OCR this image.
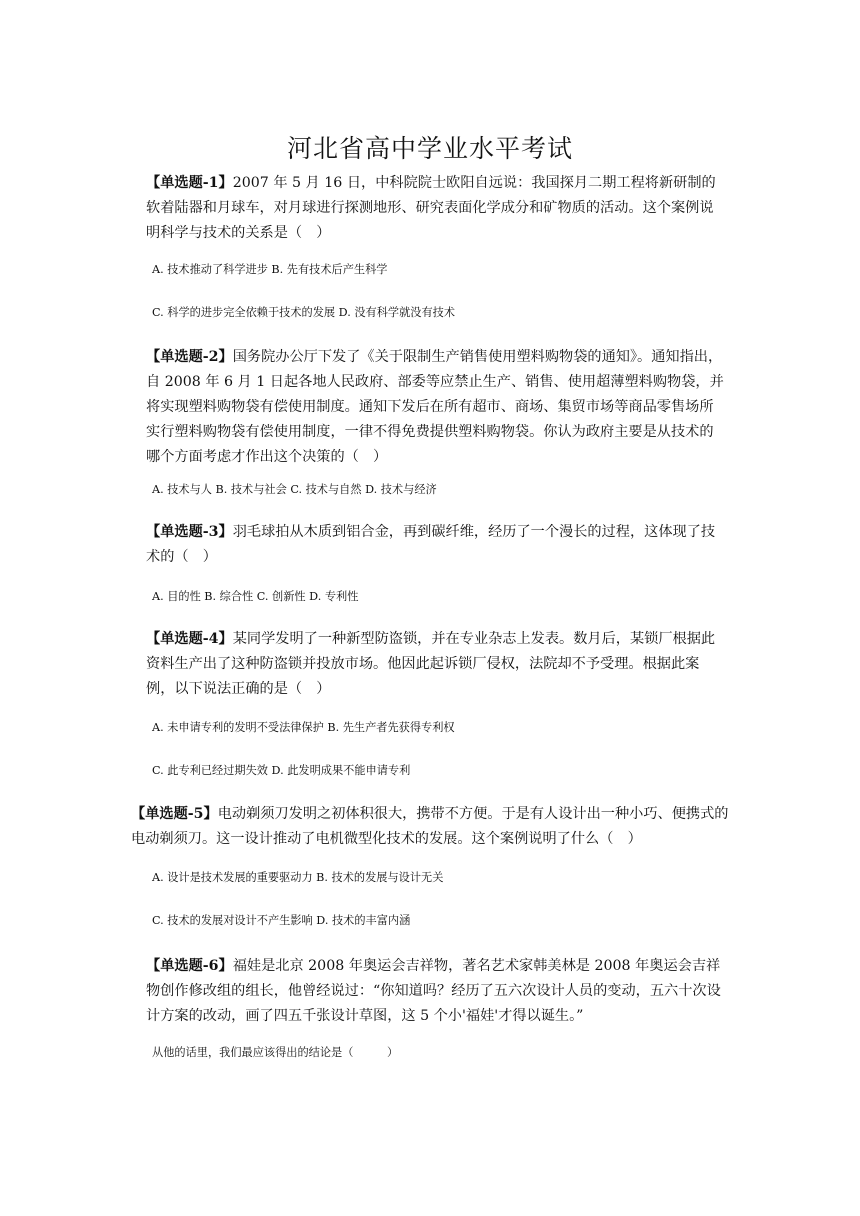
河北省高中学业水平考试

【单选题-1】2007 年 5 月 16 日，中科院院士欧阳自远说：我国探月二期工程将新研制的软着陆器和月球车，对月球进行探测地形、研究表面化学成分和矿物质的活动。这个案例说明科学与技术的关系是（　）

A. 技术推动了科学进步 B. 先有技术后产生科学

C. 科学的进步完全依赖于技术的发展 D. 没有科学就没有技术

【单选题-2】国务院办公厅下发了《关于限制生产销售使用塑料购物袋的通知》。通知指出，自 2008 年 6 月 1 日起各地人民政府、部委等应禁止生产、销售、使用超薄塑料购物袋，并将实现塑料购物袋有偿使用制度。通知下发后在所有超市、商场、集贸市场等商品零售场所实行塑料购物袋有偿使用制度，一律不得免费提供塑料购物袋。你认为政府主要是从技术的哪个方面考虑才作出这个决策的（　）

A. 技术与人 B. 技术与社会 C. 技术与自然 D. 技术与经济

【单选题-3】羽毛球拍从木质到铝合金，再到碳纤维，经历了一个漫长的过程，这体现了技术的（　）

A. 目的性 B. 综合性 C. 创新性 D. 专利性

【单选题-4】某同学发明了一种新型防盗锁，并在专业杂志上发表。数月后，某锁厂根据此资料生产出了这种防盗锁并投放市场。他因此起诉锁厂侵权，法院却不予受理。根据此案例，以下说法正确的是（　）

A. 未申请专利的发明不受法律保护 B. 先生产者先获得专利权

C. 此专利已经过期失效 D. 此发明成果不能申请专利

【单选题-5】电动剃须刀发明之初体积很大，携带不方便。于是有人设计出一种小巧、便携式的电动剃须刀。这一设计推动了电机微型化技术的发展。这个案例说明了什么（　）

A. 设计是技术发展的重要驱动力 B. 技术的发展与设计无关

C. 技术的发展对设计不产生影响 D. 技术的丰富内涵

【单选题-6】福娃是北京 2008 年奥运会吉祥物，著名艺术家韩美林是 2008 年奥运会吉祥物创作修改组的组长，他曾经说过：“你知道吗？经历了五六次设计人员的变动，五六十次设计方案的改动，画了四五千张设计草图，这 5 个小'福娃'才得以诞生。”

从他的话里，我们最应该得出的结论是（　　　）
